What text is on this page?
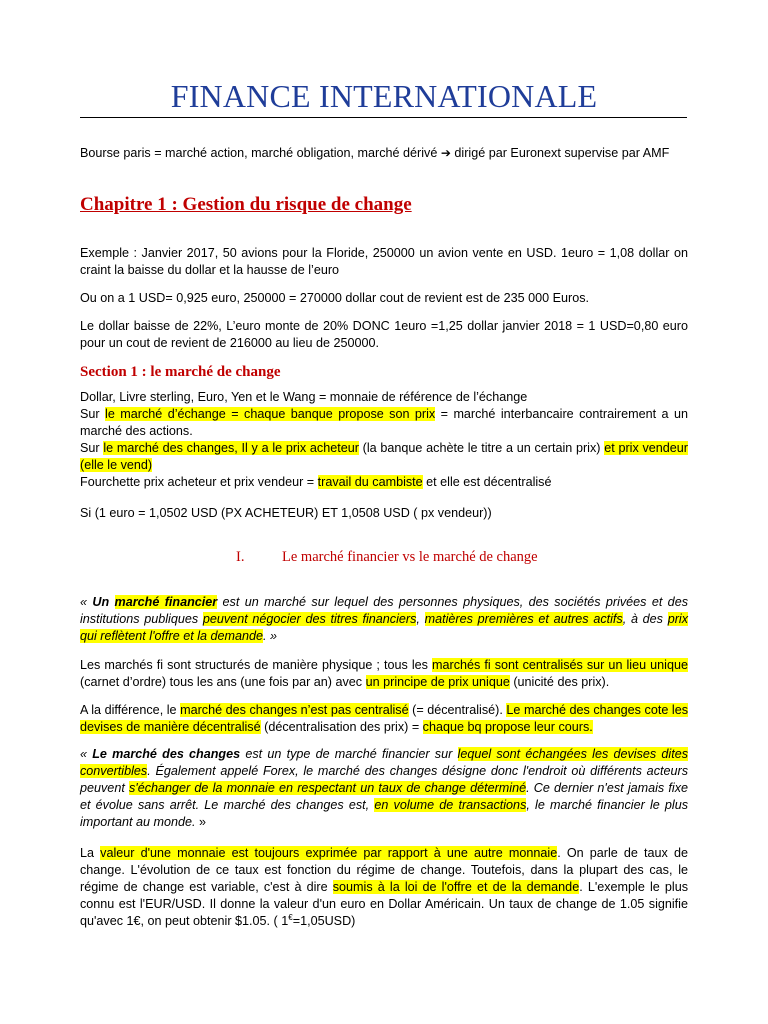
FINANCE INTERNATIONALE
Bourse paris = marché action, marché obligation, marché dérivé ➔ dirigé par Euronext supervise par AMF
Chapitre 1 : Gestion du risque de change
Exemple : Janvier 2017, 50 avions pour la Floride, 250000 un avion vente en USD. 1euro = 1,08 dollar on craint la baisse du dollar et la hausse de l’euro
Ou on a 1 USD= 0,925 euro, 250000 = 270000 dollar cout de revient est de 235 000 Euros.
Le dollar baisse de 22%, L’euro monte de 20% DONC 1euro =1,25 dollar janvier 2018 = 1 USD=0,80 euro pour un cout de revient de 216000 au lieu de 250000.
Section 1 : le marché de change
Dollar, Livre sterling, Euro, Yen et le Wang = monnaie de référence de l’échange
Sur le marché d’échange = chaque banque propose son prix = marché interbancaire contrairement a un marché des actions.
Sur le marché des changes, Il y a le prix acheteur (la banque achète le titre a un certain prix) et prix vendeur (elle le vend)
Fourchette prix acheteur et prix vendeur = travail du cambiste et elle est décentralisé
Si (1 euro = 1,0502 USD (PX ACHETEUR) ET 1,0508 USD ( px vendeur))
I.	Le marché financier vs le marché de change
« Un marché financier est un marché sur lequel des personnes physiques, des sociétés privées et des institutions publiques peuvent négocier des titres financiers, matières premières et autres actifs, à des prix qui reflètent l'offre et la demande. »
Les marchés fi sont structurés de manière physique ; tous les marchés fi sont centralisés sur un lieu unique (carnet d’ordre) tous les ans (une fois par an) avec un principe de prix unique (unicité des prix).
A la différence, le marché des changes n’est pas centralisé (= décentralisé). Le marché des changes cote les devises de manière décentralisé (décentralisation des prix) = chaque bq propose leur cours.
« Le marché des changes est un type de marché financier sur lequel sont échangées les devises dites convertibles. Également appelé Forex, le marché des changes désigne donc l'endroit où différents acteurs peuvent s'échanger de la monnaie en respectant un taux de change déterminé. Ce dernier n'est jamais fixe et évolue sans arrêt. Le marché des changes est, en volume de transactions, le marché financier le plus important au monde. »
La valeur d'une monnaie est toujours exprimée par rapport à une autre monnaie. On parle de taux de change. L'évolution de ce taux est fonction du régime de change. Toutefois, dans la plupart des cas, le régime de change est variable, c'est à dire soumis à la loi de l'offre et de la demande. L'exemple le plus connu est l'EUR/USD. Il donne la valeur d'un euro en Dollar Américain. Un taux de change de 1.05 signifie qu'avec 1€, on peut obtenir $1.05. ( 1€=1,05USD)
